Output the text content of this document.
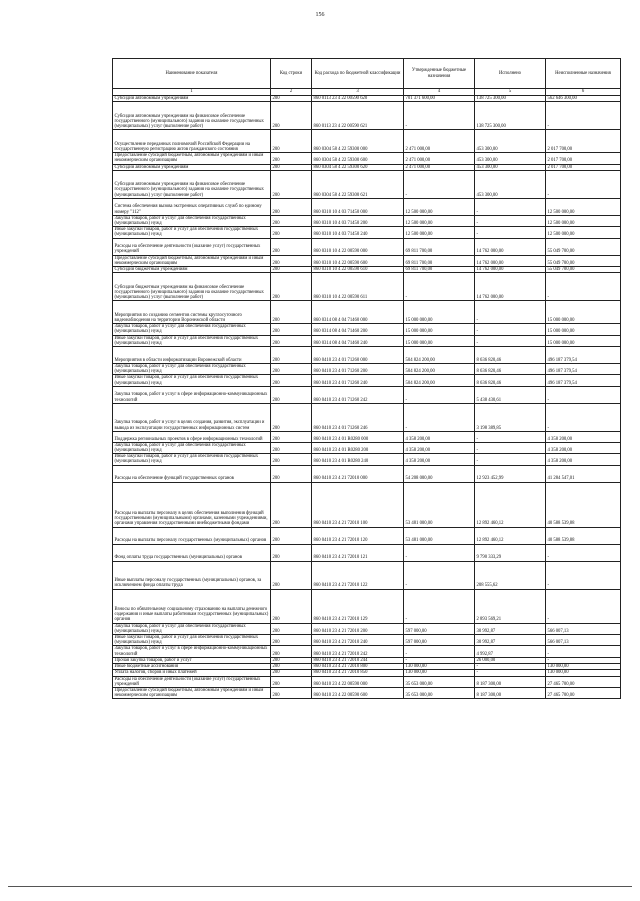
156
Наименование показателя	Код строки	Код расхода по бюджетной классификации	Утвержденные бюджетные назначения	Исполнено	Неисполненные назначения
1	2	3	4	5	6
Субсидии автономным учреждениям	200	860 0113 23 4 22 00590 620	701 371 600,00	138 725 300,00	562 646 300,00
Субсидии автономным учреждениям на финансовое обеспечение государственного (муниципального) задания на оказание государственных (муниципальных) услуг (выполнение работ)	200	860 0113 23 4 22 00590 621	-	138 725 300,00	-
Осуществление переданных полномочий Российской Федерации на государственную регистрацию актов гражданского состояния	200	860 0304 58 4 22 59300 000	2 471 000,00	453 300,00	2 017 700,00
Предоставление субсидий бюджетным, автономным учреждениям и иным некоммерческим организациям	200	860 0304 58 4 22 59300 600	2 471 000,00	453 300,00	2 017 700,00
Субсидии автономным учреждениям	200	860 0304 58 4 22 59300 620	2 471 000,00	453 300,00	2 017 700,00
Субсидии автономным учреждениям на финансовое обеспечение государственного (муниципального) задания на оказание государственных (муниципальных) услуг (выполнение работ)	200	860 0304 58 4 22 59300 621	-	453 300,00	-
Система обеспечения вызова экстренных оперативных служб по единому номеру "112"	200	860 0310 10 4 03 71450 000	12 500 000,00	-	12 500 000,00
Закупка товаров, работ и услуг для обеспечения государственных (муниципальных) нужд	200	860 0310 10 4 03 71450 200	12 500 000,00	-	12 500 000,00
Иные закупки товаров, работ и услуг для обеспечения государственных (муниципальных) нужд	200	860 0310 10 4 03 71450 240	12 500 000,00	-	12 500 000,00
Расходы на обеспечение деятельности (оказание услуг) государственных учреждений	200	860 0310 10 4 22 00590 000	69 811 700,00	14 762 000,00	55 049 700,00
Предоставление субсидий бюджетным, автономным учреждениям и иным некоммерческим организациям	200	860 0310 10 4 22 00590 600	69 811 700,00	14 762 000,00	55 049 700,00
Субсидии бюджетным учреждениям	200	860 0310 10 4 22 00590 610	69 811 700,00	14 762 000,00	55 049 700,00
Субсидии бюджетным учреждениям на финансовое обеспечение государственного (муниципального) задания на оказание государственных (муниципальных) услуг (выполнение работ)	200	860 0310 10 4 22 00590 611	-	14 762 000,00	-
Мероприятия по созданию сегментов системы круглосуточного видеонаблюдения на территории Воронежской области	200	860 0314 08 4 04 71460 000	15 000 000,00	-	15 000 000,00
Закупка товаров, работ и услуг для обеспечения государственных (муниципальных) нужд	200	860 0314 08 4 04 71460 200	15 000 000,00	-	15 000 000,00
Иные закупки товаров, работ и услуг для обеспечения государственных (муниципальных) нужд	200	860 0314 08 4 04 71460 240	15 000 000,00	-	15 000 000,00
Мероприятия в области информатизации Воронежской области	200	860 0410 23 4 01 71260 000	504 824 200,00	8 636 820,46	496 187 379,54
Закупка товаров, работ и услуг для обеспечения государственных (муниципальных) нужд	200	860 0410 23 4 01 71260 200	504 824 200,00	8 636 820,46	496 187 379,54
Иные закупки товаров, работ и услуг для обеспечения государственных (муниципальных) нужд	200	860 0410 23 4 01 71260 240	504 824 200,00	8 636 820,46	496 187 379,54
Закупка товаров, работ и услуг в сфере информационно-коммуникационных технологий	200	860 0410 23 4 01 71260 242	-	5 438 430,61	-
Закупка товаров, работ и услуг в целях создания, развития, эксплуатации и вывода из эксплуатации государственных информационных систем	200	860 0410 23 4 01 71260 246	-	3 198 389,85	-
Поддержка региональных проектов в сфере информационных технологий	200	860 0410 23 4 01 R0280 000	4 358 200,00	-	4 358 200,00
Закупка товаров, работ и услуг для обеспечения государственных (муниципальных) нужд	200	860 0410 23 4 01 R0280 200	4 358 200,00	-	4 358 200,00
Иные закупки товаров, работ и услуг для обеспечения государственных (муниципальных) нужд	200	860 0410 23 4 01 R0280 240	4 358 200,00	-	4 358 200,00
Расходы на обеспечение функций государственных органов	200	860 0410 23 4 21 72010 000	54 208 000,00	12 923 452,99	41 284 547,01
Расходы на выплаты персоналу в целях обеспечения выполнения функций государственными (муниципальными) органами, казенными учреждениями, органами управления государственными внебюджетными фондами	200	860 0410 23 4 21 72010 100	53 481 000,00	12 892 460,12	40 588 539,88
Расходы на выплаты персоналу государственных (муниципальных) органов	200	860 0410 23 4 21 72010 120	53 481 000,00	12 892 460,12	40 588 539,88
Фонд оплаты труда государственных (муниципальных) органов	200	860 0410 23 4 21 72010 121	-	9 790 333,29	-
Иные выплаты персоналу государственных (муниципальных) органов, за исключением фонда оплаты труда	200	860 0410 23 4 21 72010 122	-	208 555,62	-
Взносы по обязательному социальному страхованию на выплаты денежного содержания и иные выплаты работникам государственных (муниципальных) органов	200	860 0410 23 4 21 72010 129	-	2 893 569,21	-
Закупка товаров, работ и услуг для обеспечения государственных (муниципальных) нужд	200	860 0410 23 4 21 72010 200	597 000,00	30 992,87	566 007,13
Иные закупки товаров, работ и услуг для обеспечения государственных (муниципальных) нужд	200	860 0410 23 4 21 72010 240	597 000,00	30 992,87	566 007,13
Закупка товаров, работ и услуг в сфере информационно-коммуникационных технологий	200	860 0410 23 4 21 72010 242	-	4 992,87	-
Прочая закупка товаров, работ и услуг	200	860 0410 23 4 21 72010 244	-	26 000,00	-
Иные бюджетные ассигнования	200	860 0410 23 4 21 72010 800	130 000,00	-	130 000,00
Уплата налогов, сборов и иных платежей	200	860 0410 23 4 21 72010 850	130 000,00	-	130 000,00
Расходы на обеспечение деятельности (оказание услуг) государственных учреждений	200	860 0410 23 4 22 00590 000	35 653 000,00	8 187 300,00	27 465 700,00
Предоставление субсидий бюджетным, автономным учреждениям и иным некоммерческим организациям	200	860 0410 23 4 22 00590 600	35 653 000,00	8 187 300,00	27 465 700,00
